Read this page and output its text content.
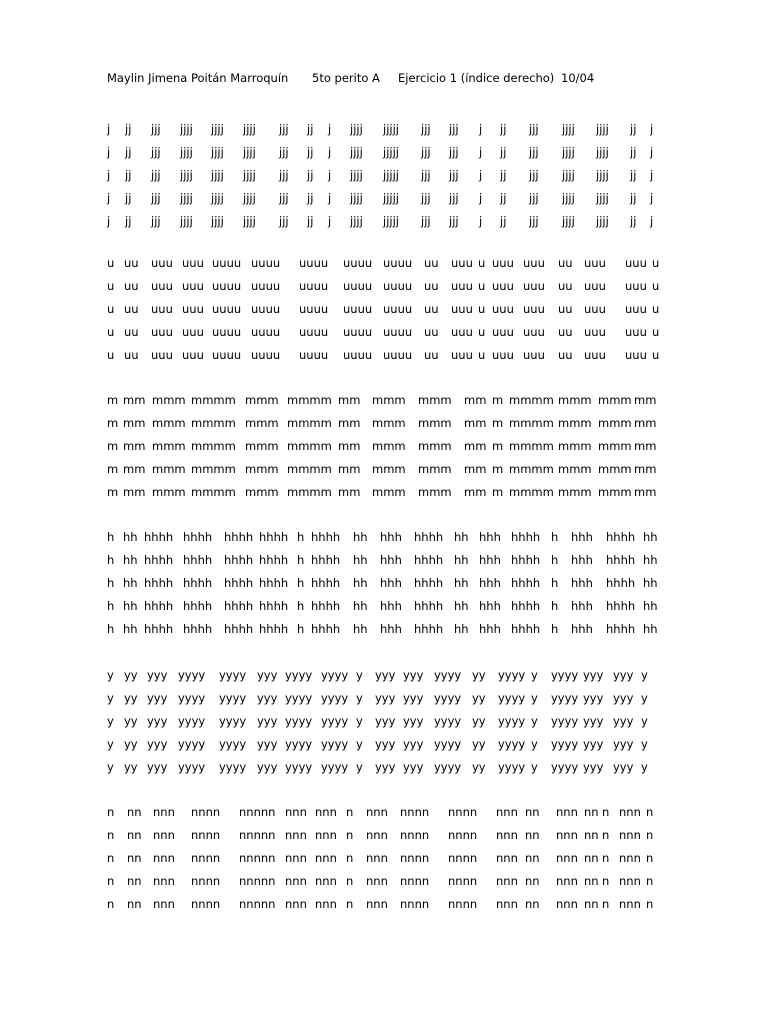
Maylin Jimena Poitán Marroquín 5to perito A Ejercicio 1 (índice derecho) 10/04
j jj jjj jjjj jjjj jjjj jjj jj j jjjj jjjjj jjj jjj j jj jjj jjjj jjjj jj j
j jj jjj jjjj jjjj jjjj jjj jj j jjjj jjjjj jjj jjj j jj jjj jjjj jjjj jj j
j jj jjj jjjj jjjj jjjj jjj jj j jjjj jjjjj jjj jjj j jj jjj jjjj jjjj jj j
j jj jjj jjjj jjjj jjjj jjj jj j jjjj jjjjj jjj jjj j jj jjj jjjj jjjj jj j
j jj jjj jjjj jjjj jjjj jjj jj j jjjj jjjjj jjj jjj j jj jjj jjjj jjjj jj j
u uu uuu uuu uuuu uuuu uuuu uuuu uuuu uu uuu u uuu uuu uu uuu uuu u
u uu uuu uuu uuuu uuuu uuuu uuuu uuuu uu uuu u uuu uuu uu uuu uuu u
u uu uuu uuu uuuu uuuu uuuu uuuu uuuu uu uuu u uuu uuu uu uuu uuu u
u uu uuu uuu uuuu uuuu uuuu uuuu uuuu uu uuu u uuu uuu uu uuu uuu u
u uu uuu uuu uuuu uuuu uuuu uuuu uuuu uu uuu u uuu uuu uu uuu uuu u
m mm mmm mmmm mmm mmmm mm mmm mmm mm m mmmm mmm mmm mm
m mm mmm mmmm mmm mmmm mm mmm mmm mm m mmmm mmm mmm mm
m mm mmm mmmm mmm mmmm mm mmm mmm mm m mmmm mmm mmm mm
m mm mmm mmmm mmm mmmm mm mmm mmm mm m mmmm mmm mmm mm
m mm mmm mmmm mmm mmmm mm mmm mmm mm m mmmm mmm mmm mm
h hh hhhh hhhh hhhh hhhh h hhhh hh hhh hhhh hh hhh hhhh h hhh hhhh hh
h hh hhhh hhhh hhhh hhhh h hhhh hh hhh hhhh hh hhh hhhh h hhh hhhh hh
h hh hhhh hhhh hhhh hhhh h hhhh hh hhh hhhh hh hhh hhhh h hhh hhhh hh
h hh hhhh hhhh hhhh hhhh h hhhh hh hhh hhhh hh hhh hhhh h hhh hhhh hh
h hh hhhh hhhh hhhh hhhh h hhhh hh hhh hhhh hh hhh hhhh h hhh hhhh hh
y yy yyy yyyy yyyy yyy yyyy yyyy y yyy yyy yyyy yy yyyy y yyyy yyy yyy y
y yy yyy yyyy yyyy yyy yyyy yyyy y yyy yyy yyyy yy yyyy y yyyy yyy yyy y
y yy yyy yyyy yyyy yyy yyyy yyyy y yyy yyy yyyy yy yyyy y yyyy yyy yyy y
y yy yyy yyyy yyyy yyy yyyy yyyy y yyy yyy yyyy yy yyyy y yyyy yyy yyy y
y yy yyy yyyy yyyy yyy yyyy yyyy y yyy yyy yyyy yy yyyy y yyyy yyy yyy y
n nn nnn nnnn nnnnn nnn nnn n nnn nnnn nnnn nnn nn nnn nn n nnn n
n nn nnn nnnn nnnnn nnn nnn n nnn nnnn nnnn nnn nn nnn nn n nnn n
n nn nnn nnnn nnnnn nnn nnn n nnn nnnn nnnn nnn nn nnn nn n nnn n
n nn nnn nnnn nnnnn nnn nnn n nnn nnnn nnnn nnn nn nnn nn n nnn n
n nn nnn nnnn nnnnn nnn nnn n nnn nnnn nnnn nnn nn nnn nn n nnn n
